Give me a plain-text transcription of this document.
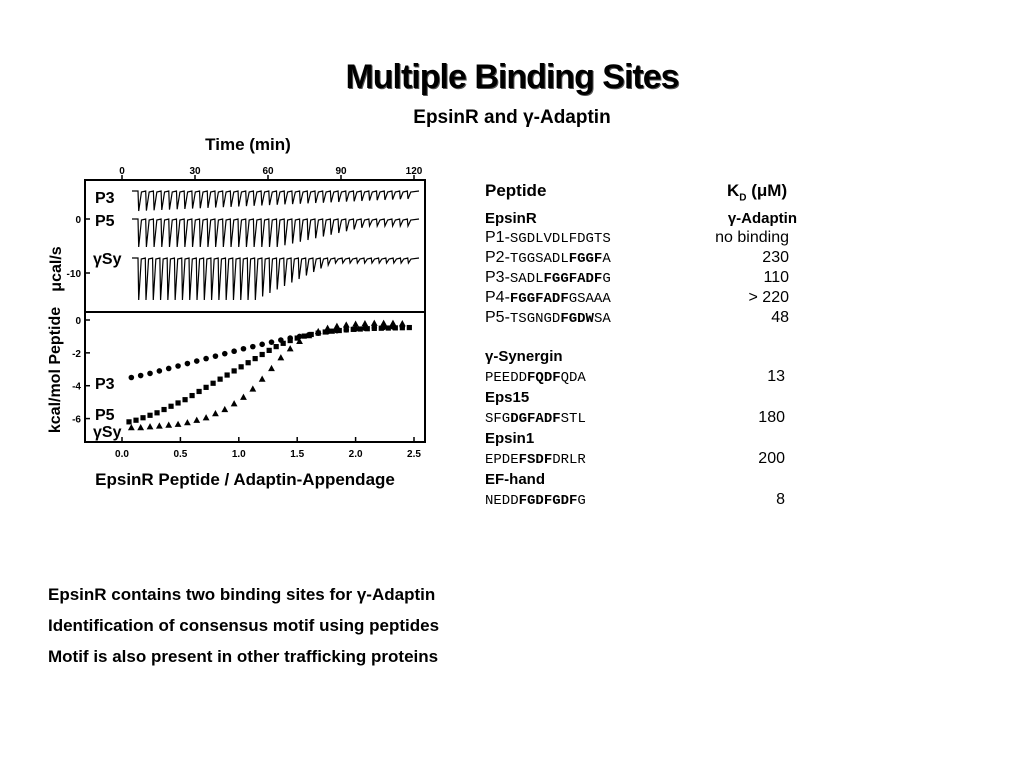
Multiple Binding Sites
EpsinR and γ-Adaptin
Time (min)
0	30	60	90	120
0
-10
P3
P5
γSy
μcal/s
0
-2
-4
-6
0.0	0.5	1.0	1.5	2.0	2.5
P3
P5
γSy
kcal/mol Peptide
EpsinR Peptide / Adaptin-Appendage
Peptide	$K_D$ (μM)
EpsinR	γ-Adaptin
P1-SGDLVDLFDGTS	no binding
P2-TGGSADLFGGFA	230
P3-SADLFGGFADFG	110
P4-FGGFADFGSAAA	> 220
P5-TSGNGDFGDWSA	48
γ-Synergin
PEEDDFQDFQDA	13
Eps15
SFGDGFADFSTL	180
Epsin1
EPDEFSDFDRLR	200
EF-hand
NEDDFGDFGDFG	8
EpsinR contains two binding sites for γ-Adaptin
Identification of consensus motif using peptides
Motif is also present in other trafficking proteins
